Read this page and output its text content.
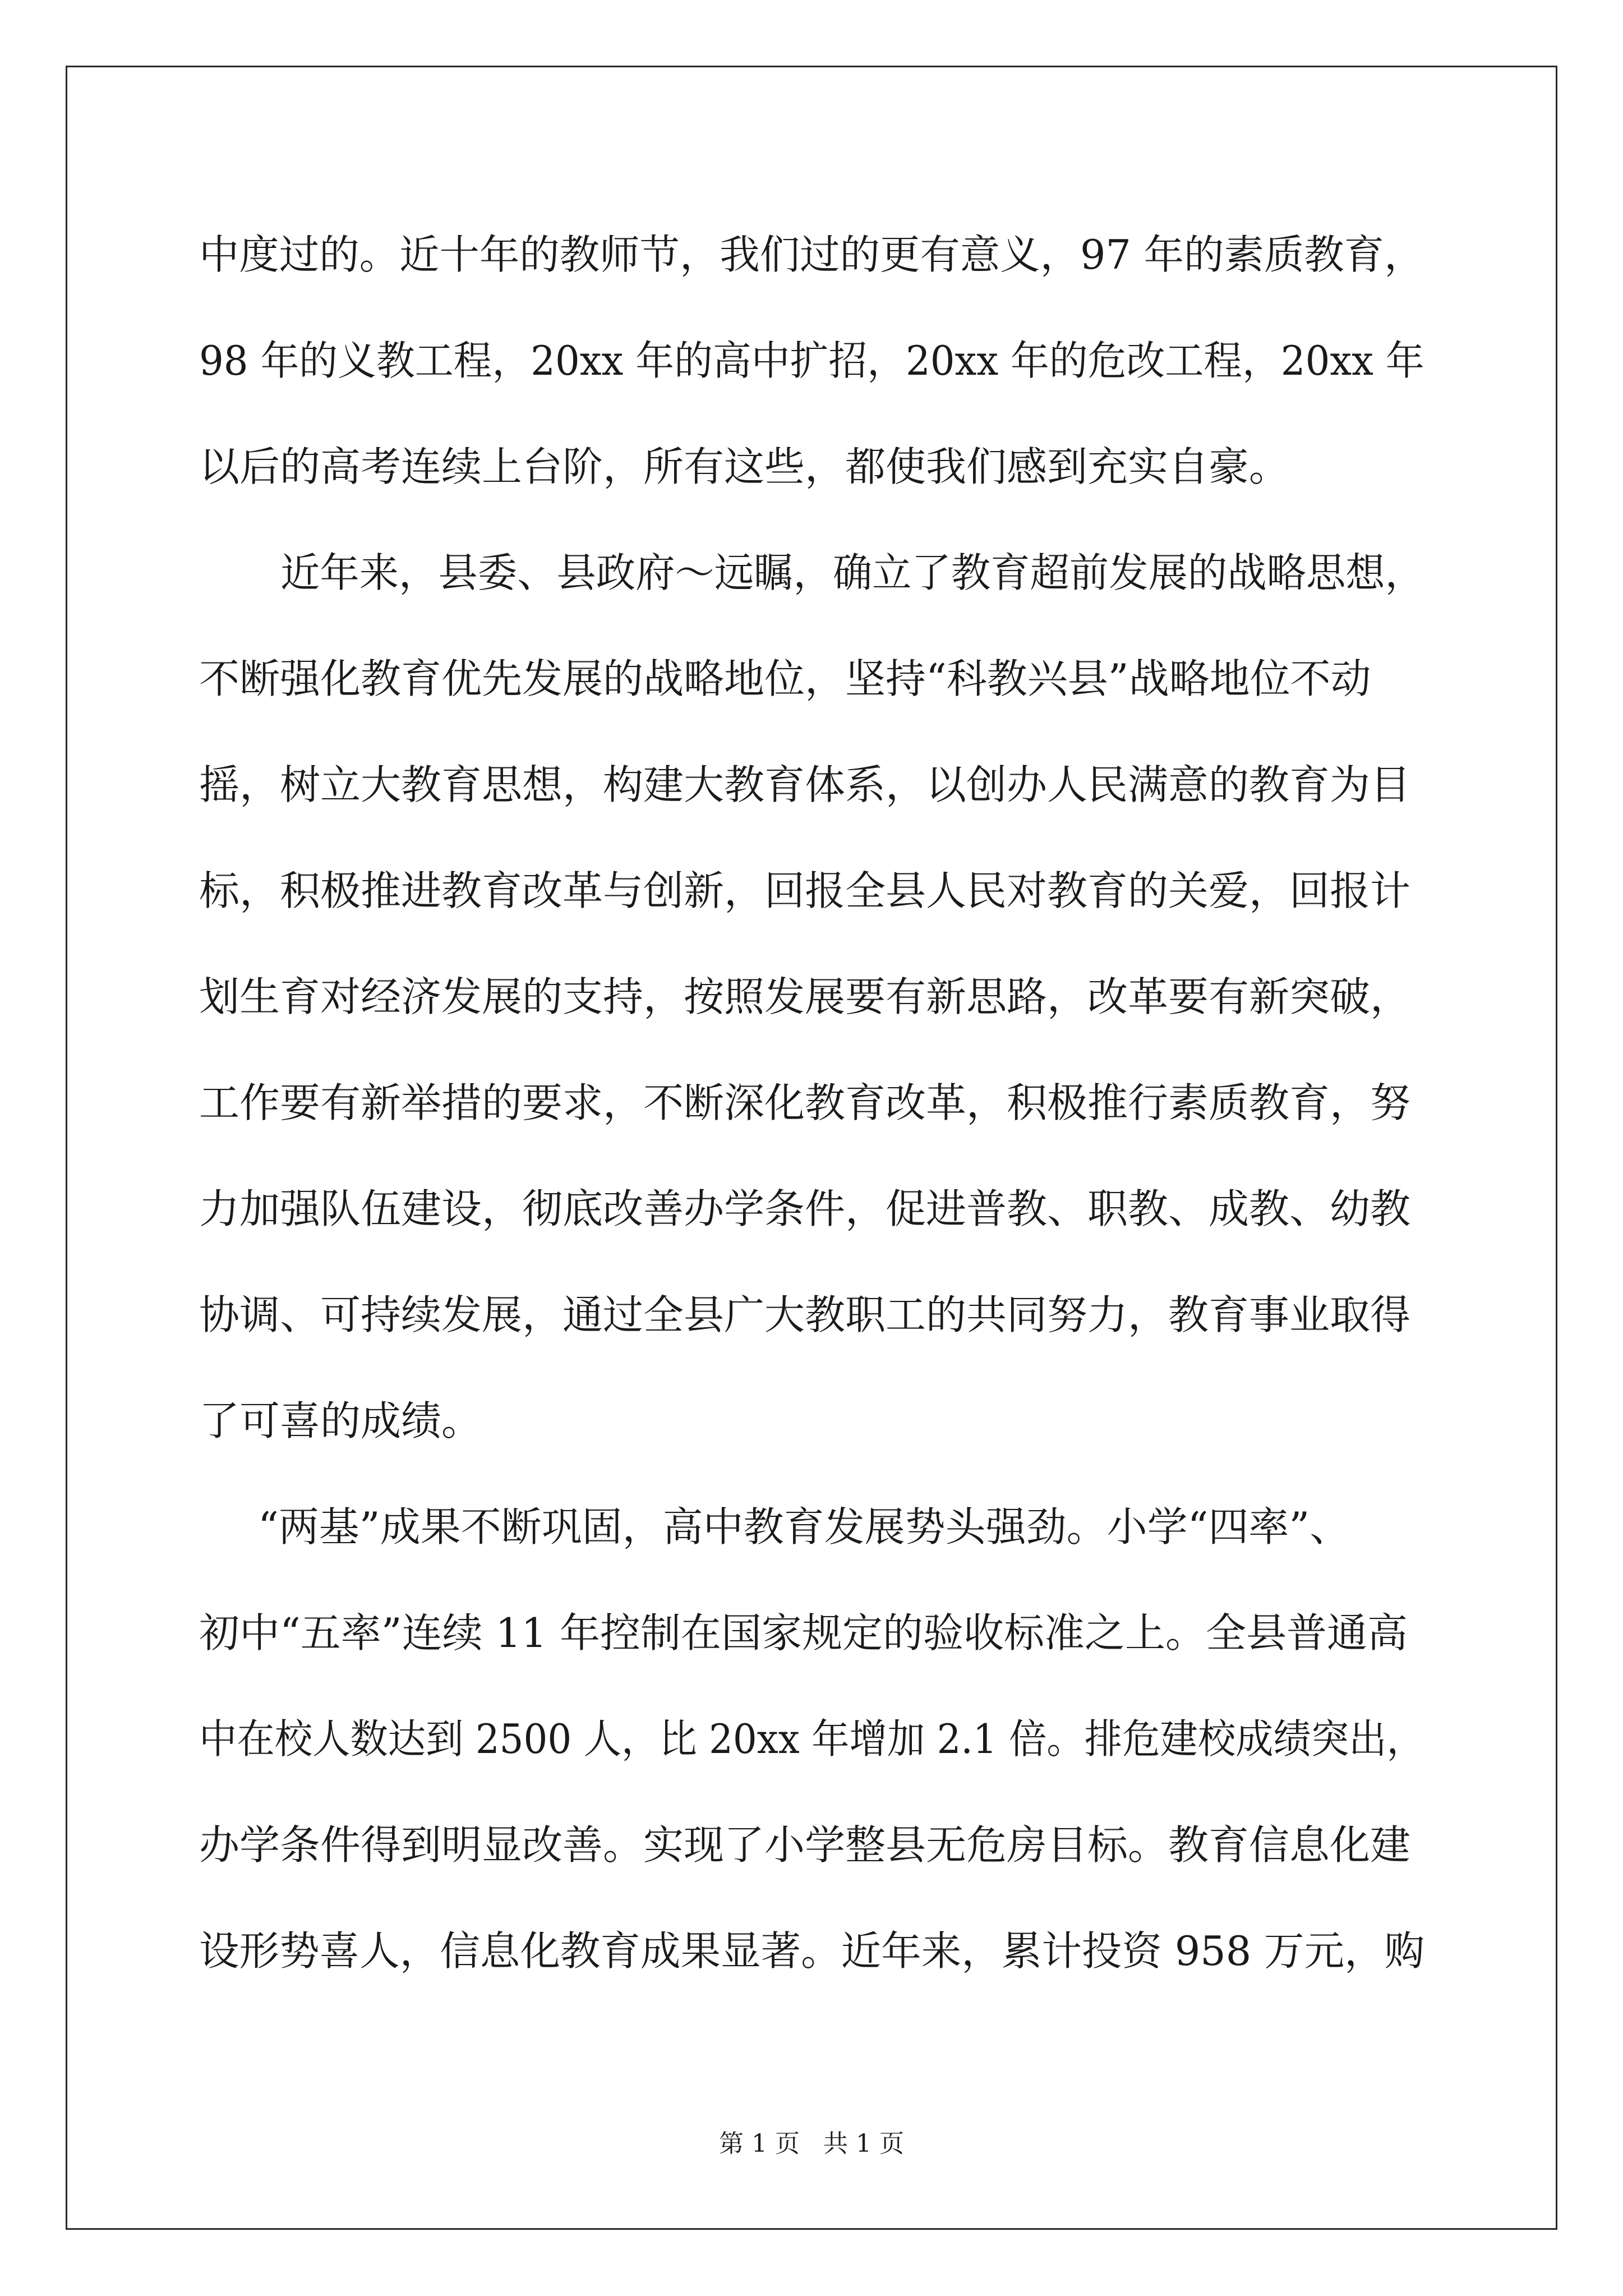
中度过的。近十年的教师节，我们过的更有意义，97 年的素质教育，
98 年的义教工程，20xx 年的高中扩招，20xx 年的危改工程，20xx 年
以后的高考连续上台阶，所有这些，都使我们感到充实自豪。
近年来，县委、县政府～远瞩，确立了教育超前发展的战略思想，
不断强化教育优先发展的战略地位，坚持“科教兴县”战略地位不动
摇，树立大教育思想，构建大教育体系，以创办人民满意的教育为目
标，积极推进教育改革与创新，回报全县人民对教育的关爱，回报计
划生育对经济发展的支持，按照发展要有新思路，改革要有新突破，
工作要有新举措的要求，不断深化教育改革，积极推行素质教育，努
力加强队伍建设，彻底改善办学条件，促进普教、职教、成教、幼教
协调、可持续发展，通过全县广大教职工的共同努力，教育事业取得
了可喜的成绩。
“两基”成果不断巩固，高中教育发展势头强劲。小学“四率”、
初中“五率”连续 11 年控制在国家规定的验收标准之上。全县普通高
中在校人数达到 2500 人，比 20xx 年增加 2.1 倍。排危建校成绩突出，
办学条件得到明显改善。实现了小学整县无危房目标。教育信息化建
设形势喜人，信息化教育成果显著。近年来，累计投资 958 万元，购
第 1 页   共 1 页
